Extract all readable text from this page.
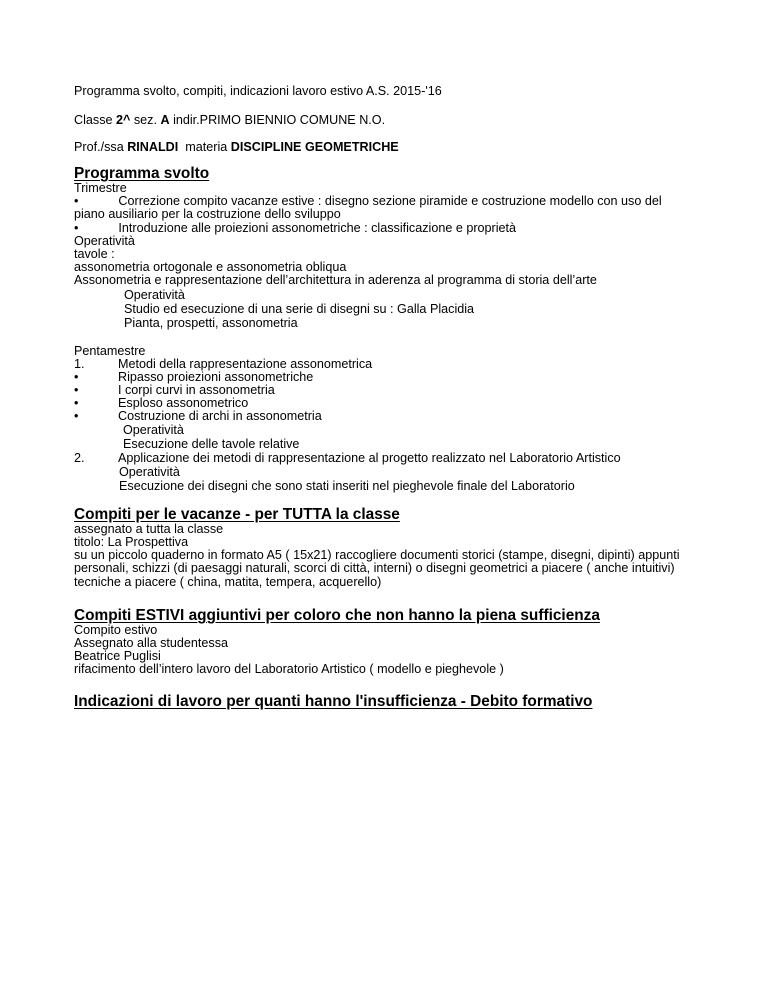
Programma svolto, compiti, indicazioni lavoro estivo A.S. 2015-'16
Classe 2^ sez. A indir.PRIMO BIENNIO COMUNE N.O.
Prof./ssa RINALDI  materia DISCIPLINE GEOMETRICHE
Programma svolto
Trimestre
•	Correzione compito vacanze estive : disegno sezione piramide e costruzione modello con uso del piano ausiliario per la costruzione dello sviluppo
•	Introduzione alle proiezioni assonometriche : classificazione e proprietà
Operatività
tavole :
assonometria ortogonale e assonometria obliqua
Assonometria e rappresentazione dell’architettura in aderenza al programma di storia dell’arte
Operatività
Studio ed esecuzione di una serie di disegni su : Galla Placidia
Pianta, prospetti, assonometria
Pentamestre
1.	Metodi della rappresentazione assonometrica
•	Ripasso proiezioni assonometriche
•	I corpi curvi in assonometria
•	Esploso assonometrico
•	Costruzione di archi in assonometria
Operatività
Esecuzione delle tavole relative
2.	Applicazione dei metodi di rappresentazione al progetto realizzato nel Laboratorio Artistico
Operatività
Esecuzione dei disegni che sono stati inseriti nel pieghevole finale del Laboratorio
Compiti per le vacanze - per TUTTA la classe
assegnato a tutta la classe
titolo: La Prospettiva
su un piccolo quaderno in formato A5 ( 15x21) raccogliere documenti storici (stampe, disegni, dipinti) appunti personali, schizzi (di paesaggi naturali, scorci di città, interni) o disegni geometrici a piacere ( anche intuitivi) tecniche a piacere ( china, matita, tempera, acquerello)
Compiti ESTIVI aggiuntivi per coloro che non hanno la piena sufficienza
Compito estivo
Assegnato alla studentessa
Beatrice Puglisi
rifacimento dell’intero lavoro del Laboratorio Artistico ( modello e pieghevole )
Indicazioni di lavoro per quanti hanno l'insufficienza - Debito formativo
